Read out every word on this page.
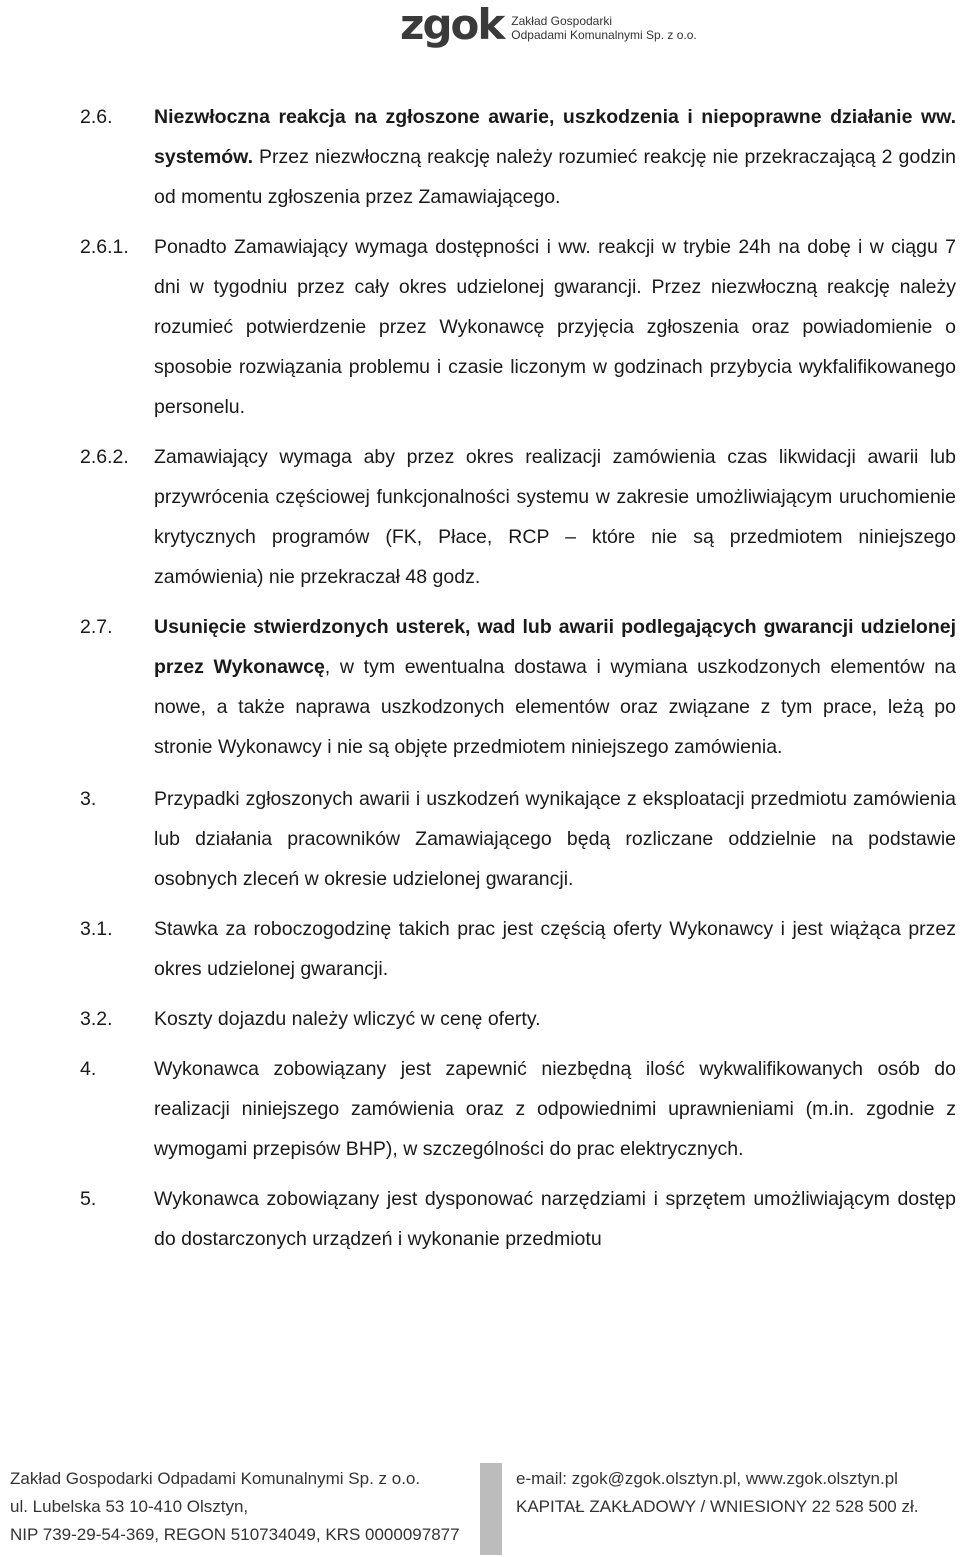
zgok Zakład Gospodarki
Odpadami Komunalnymi Sp. z o.o.
2.6.	Niezwłoczna reakcja na zgłoszone awarie, uszkodzenia i niepoprawne działanie ww. systemów. Przez niezwłoczną reakcję należy rozumieć reakcję nie przekraczającą 2 godzin od momentu zgłoszenia przez Zamawiającego.
2.6.1.	Ponadto Zamawiający wymaga dostępności i ww. reakcji w trybie 24h na dobę i w ciągu 7 dni w tygodniu przez cały okres udzielonej gwarancji. Przez niezwłoczną reakcję należy rozumieć potwierdzenie przez Wykonawcę przyjęcia zgłoszenia oraz powiadomienie o sposobie rozwiązania problemu i czasie liczonym w godzinach przybycia wykfalifikowanego personelu.
2.6.2.	Zamawiający wymaga aby przez okres realizacji zamówienia czas likwidacji awarii lub przywrócenia częściowej funkcjonalności systemu w zakresie umożliwiającym uruchomienie krytycznych programów (FK, Płace, RCP – które nie są przedmiotem niniejszego zamówienia) nie przekraczał 48 godz.
2.7.	Usunięcie stwierdzonych usterek, wad lub awarii podlegających gwarancji udzielonej przez Wykonawcę, w tym ewentualna dostawa i wymiana uszkodzonych elementów na nowe, a także naprawa uszkodzonych elementów oraz związane z tym prace, leżą po stronie Wykonawcy i nie są objęte przedmiotem niniejszego zamówienia.
3.	Przypadki zgłoszonych awarii i uszkodzeń wynikające z eksploatacji przedmiotu zamówienia lub działania pracowników Zamawiającego będą rozliczane oddzielnie na podstawie osobnych zleceń w okresie udzielonej gwarancji.
3.1.	Stawka za roboczogodzinę takich prac jest częścią oferty Wykonawcy i jest wiążąca przez okres udzielonej gwarancji.
3.2.	Koszty dojazdu należy wliczyć w cenę oferty.
4.	Wykonawca zobowiązany jest zapewnić niezbędną ilość wykwalifikowanych osób do realizacji niniejszego zamówienia oraz z odpowiednimi uprawnieniami (m.in. zgodnie z wymogami przepisów BHP), w szczególności do prac elektrycznych.
5.	Wykonawca zobowiązany jest dysponować narzędziami i sprzętem umożliwiającym dostęp do dostarczonych urządzeń i wykonanie przedmiotu
Zakład Gospodarki Odpadami Komunalnymi Sp. z o.o.
ul. Lubelska 53 10-410 Olsztyn,
NIP 739-29-54-369, REGON 510734049, KRS 0000097877
e-mail: zgok@zgok.olsztyn.pl, www.zgok.olsztyn.pl
KAPITAŁ ZAKŁADOWY / WNIESIONY 22 528 500 zł.
